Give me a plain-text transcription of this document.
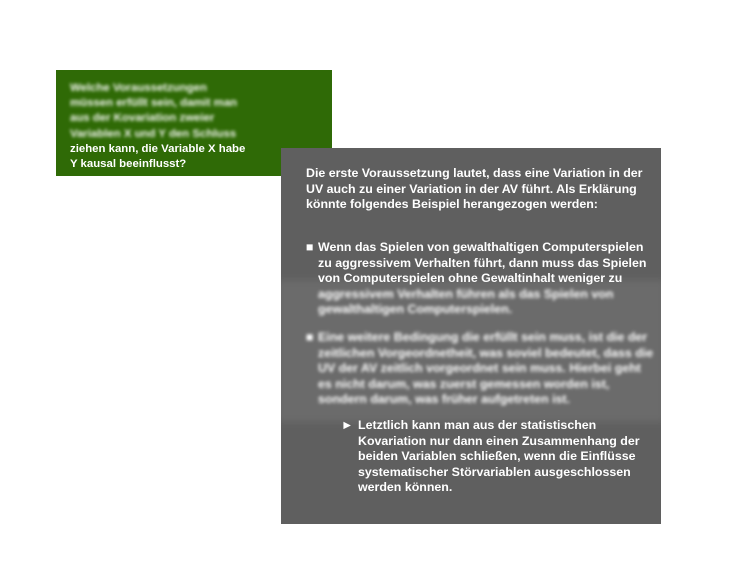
Welche Voraussetzungen
müssen erfüllt sein, damit man
aus der Kovariation zweier
Variablen X und Y den Schluss
ziehen kann, die Variable X habe
Y kausal beeinflusst?
Die erste Voraussetzung lautet, dass eine Variation in der UV auch zu einer Variation in der AV führt. Als Erklärung könnte folgendes Beispiel herangezogen werden:
■ Wenn das Spielen von gewalthaltigen Computerspielen zu aggressivem Verhalten führt, dann muss das Spielen von Computerspielen ohne Gewaltinhalt weniger zu aggressivem Verhalten führen als das Spielen von gewalthaltigen Computerspielen.
■ Eine weitere Bedingung die erfüllt sein muss, ist die der zeitlichen Vorgeordnetheit, was soviel bedeutet, dass die UV der AV zeitlich vorgeordnet sein muss. Hierbei geht es nicht darum, was zuerst gemessen worden ist, sondern darum, was früher aufgetreten ist.
► Letztlich kann man aus der statistischen Kovariation nur dann einen Zusammenhang der beiden Variablen schließen, wenn die Einflüsse systematischer Störvariablen ausgeschlossen werden können.
